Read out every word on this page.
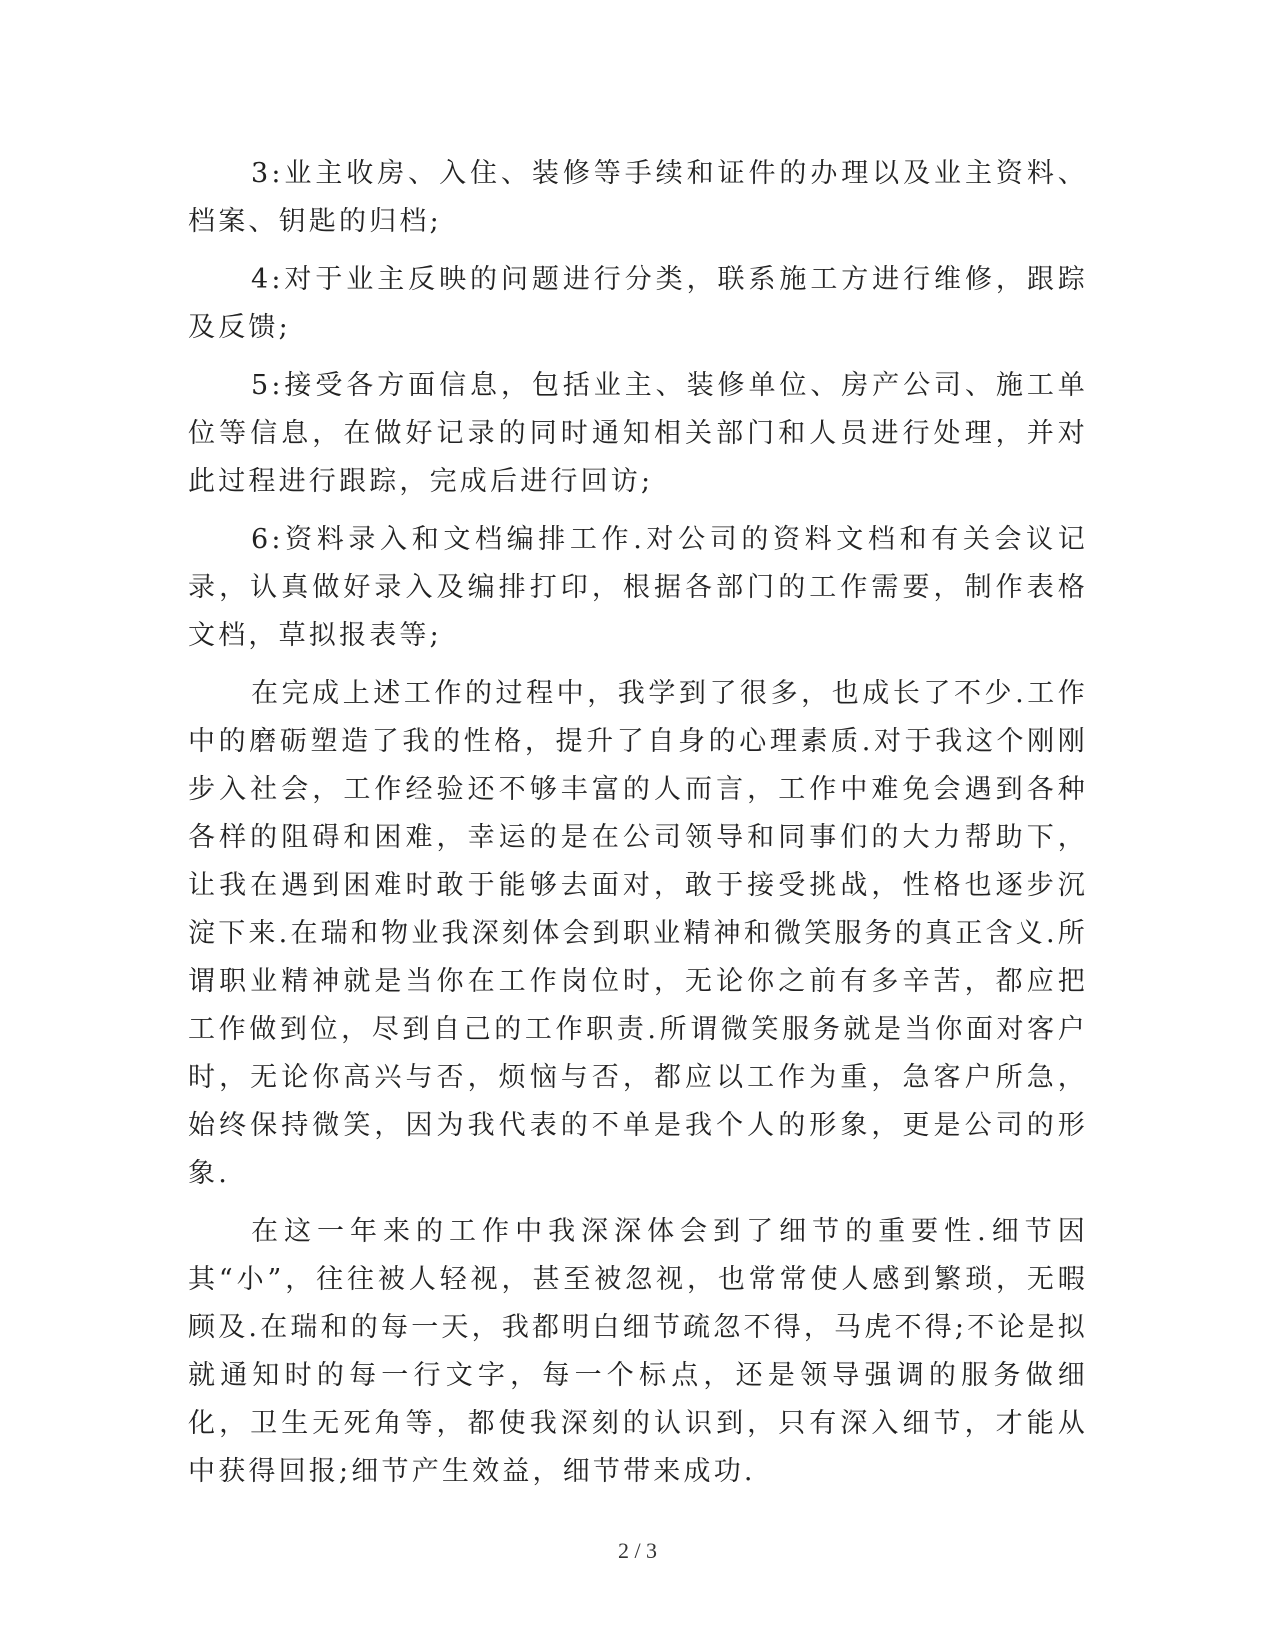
3:业主收房、入住、装修等手续和证件的办理以及业主资料、档案、钥匙的归档;

4:对于业主反映的问题进行分类，联系施工方进行维修，跟踪及反馈;

5:接受各方面信息，包括业主、装修单位、房产公司、施工单位等信息，在做好记录的同时通知相关部门和人员进行处理，并对此过程进行跟踪，完成后进行回访;

6:资料录入和文档编排工作.对公司的资料文档和有关会议记录，认真做好录入及编排打印，根据各部门的工作需要，制作表格文档，草拟报表等;

在完成上述工作的过程中，我学到了很多，也成长了不少.工作中的磨砺塑造了我的性格，提升了自身的心理素质.对于我这个刚刚步入社会，工作经验还不够丰富的人而言，工作中难免会遇到各种各样的阻碍和困难，幸运的是在公司领导和同事们的大力帮助下，让我在遇到困难时敢于能够去面对，敢于接受挑战，性格也逐步沉淀下来.在瑞和物业我深刻体会到职业精神和微笑服务的真正含义.所谓职业精神就是当你在工作岗位时，无论你之前有多辛苦，都应把工作做到位，尽到自己的工作职责.所谓微笑服务就是当你面对客户时，无论你高兴与否，烦恼与否，都应以工作为重，急客户所急，始终保持微笑，因为我代表的不单是我个人的形象，更是公司的形象.

在这一年来的工作中我深深体会到了细节的重要性.细节因其“小”，往往被人轻视，甚至被忽视，也常常使人感到繁琐，无暇顾及.在瑞和的每一天，我都明白细节疏忽不得，马虎不得;不论是拟就通知时的每一行文字，每一个标点，还是领导强调的服务做细化，卫生无死角等，都使我深刻的认识到，只有深入细节，才能从中获得回报;细节产生效益，细节带来成功.

2 / 3
